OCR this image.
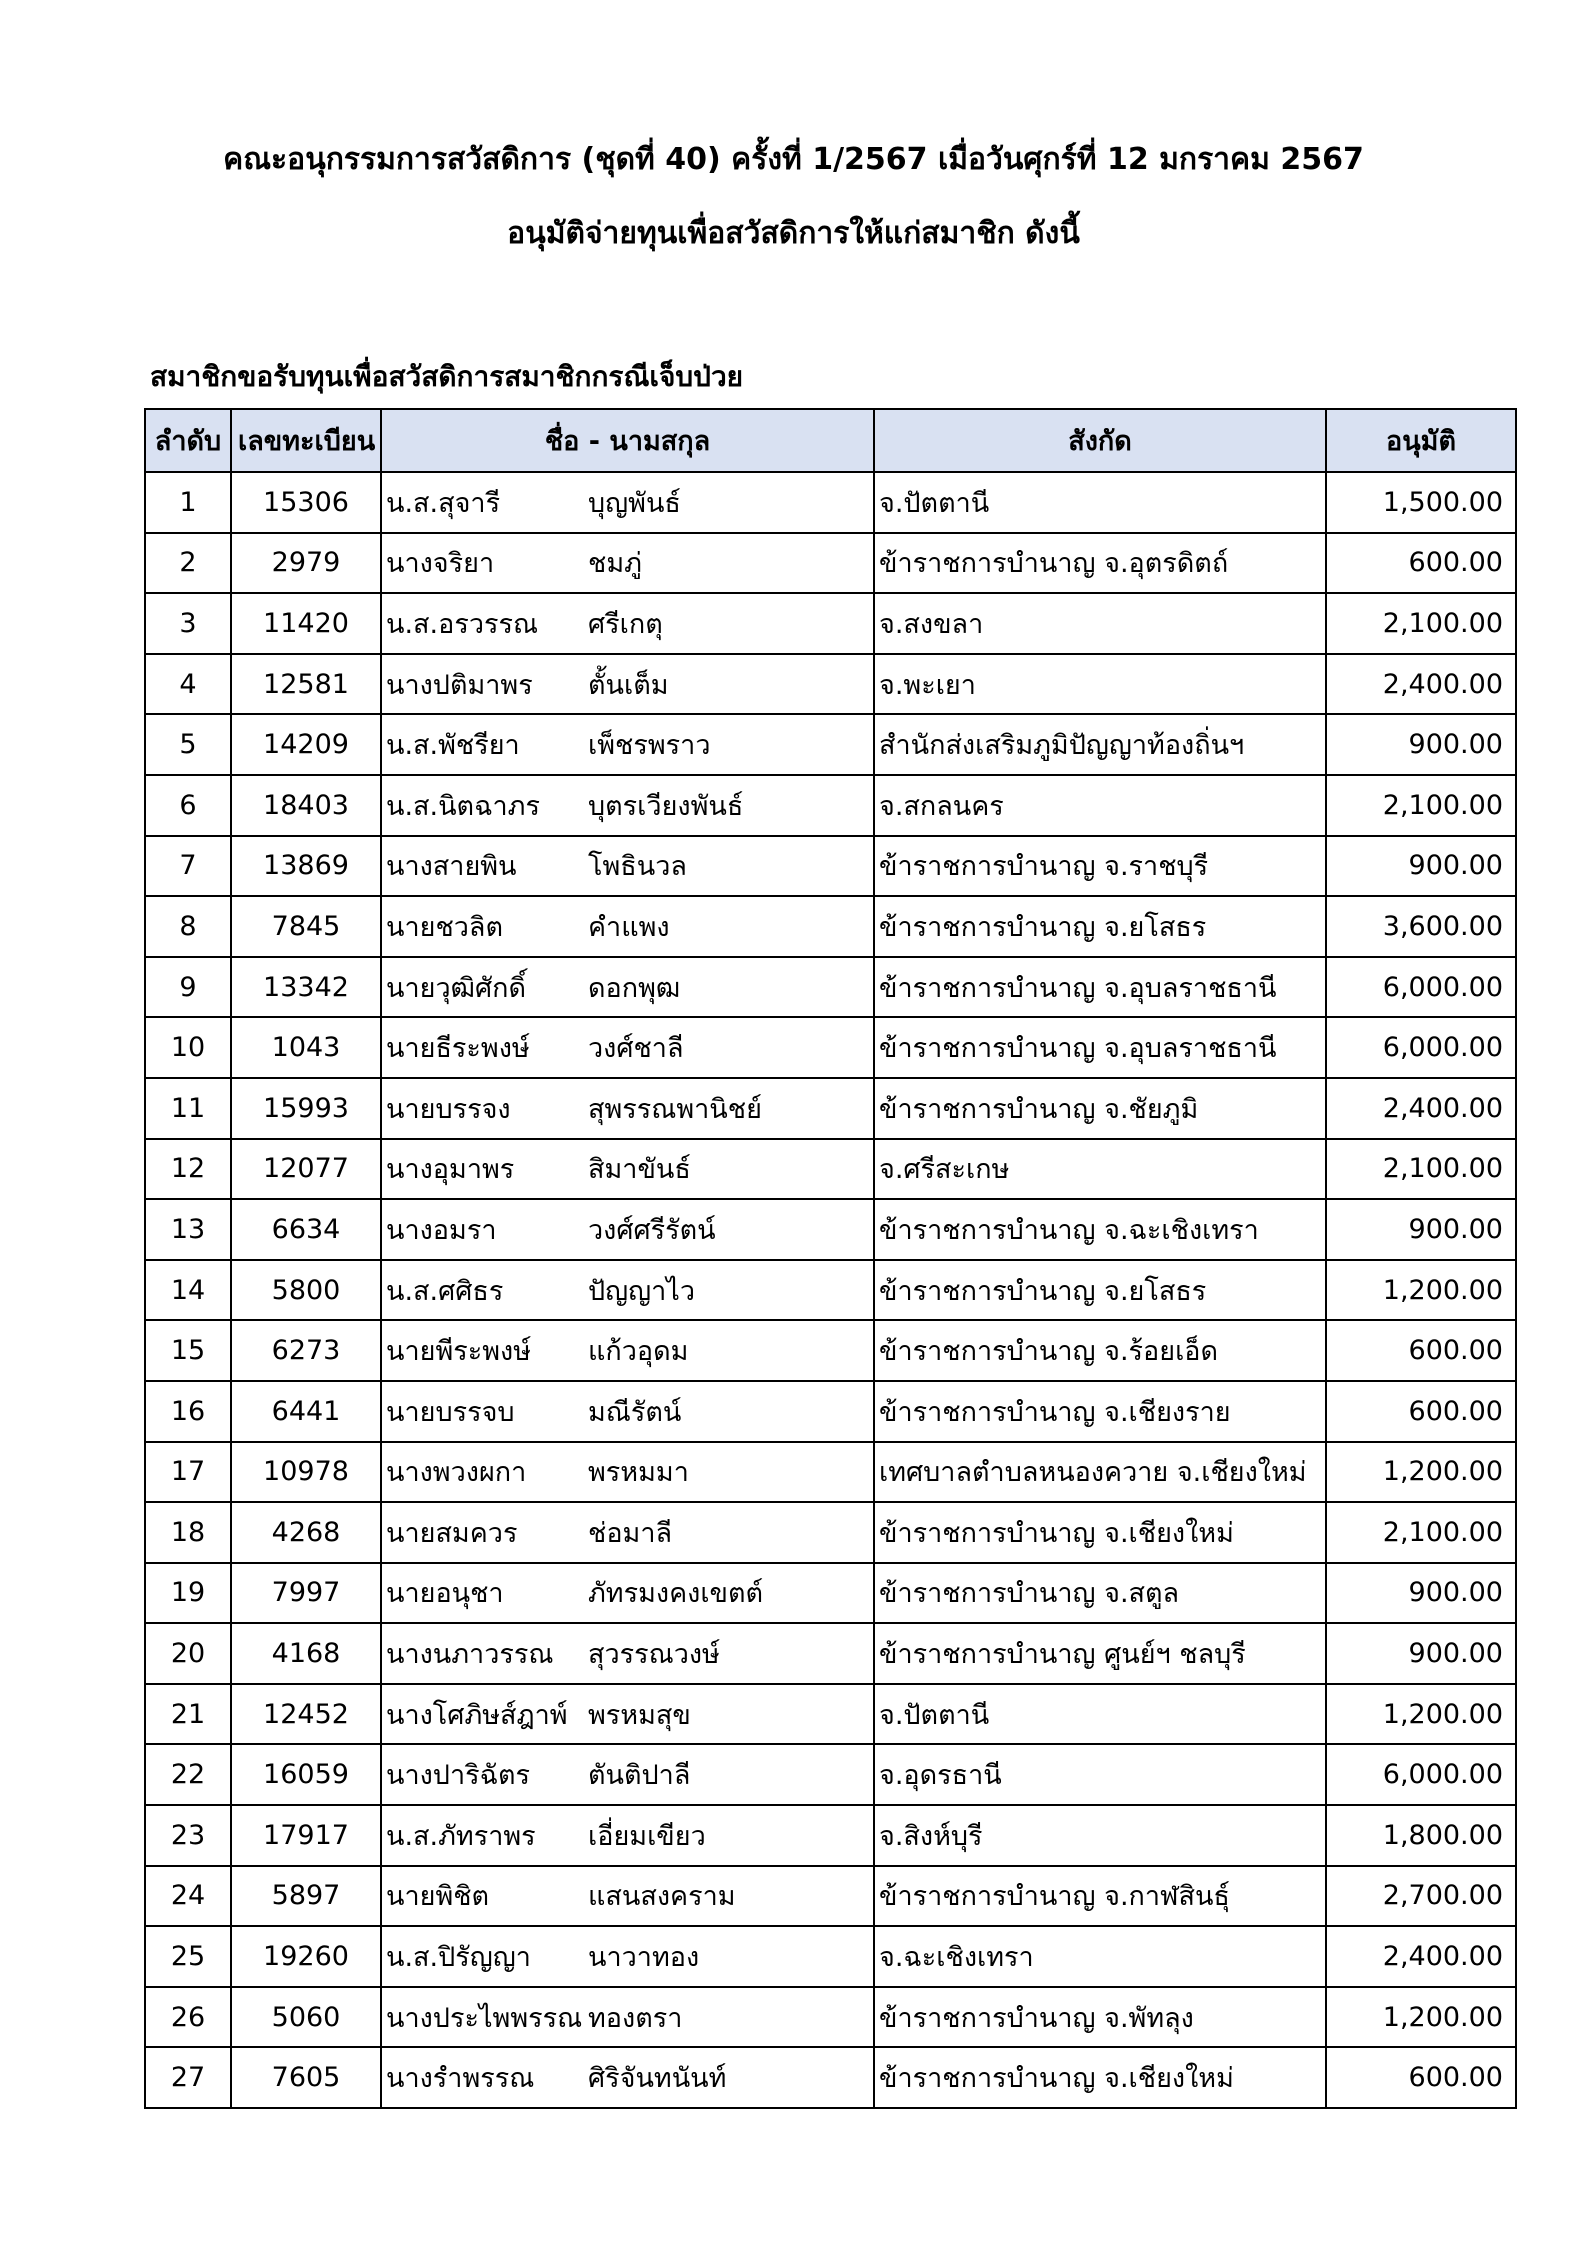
คณะอนุกรรมการสวัสดิการ (ชุดที่ 40) ครั้งที่ 1/2567 เมื่อวันศุกร์ที่ 12 มกราคม 2567
อนุมัติจ่ายทุนเพื่อสวัสดิการให้แก่สมาชิก ดังนี้
สมาชิกขอรับทุนเพื่อสวัสดิการสมาชิกกรณีเจ็บป่วย
ลำดับ	เลขทะเบียน	ชื่อ - นามสกุล	สังกัด	อนุมัติ
1	15306	น.ส.สุจารี บุญพันธ์	จ.ปัตตานี	1,500.00
2	2979	นางจริยา ชมภู่	ข้าราชการบำนาญ จ.อุตรดิตถ์	600.00
3	11420	น.ส.อรวรรณ ศรีเกตุ	จ.สงขลา	2,100.00
4	12581	นางปติมาพร ตั้นเต็ม	จ.พะเยา	2,400.00
5	14209	น.ส.พัชรียา เพ็ชรพราว	สำนักส่งเสริมภูมิปัญญาท้องถิ่นฯ	900.00
6	18403	น.ส.นิตฉาภร บุตรเวียงพันธ์	จ.สกลนคร	2,100.00
7	13869	นางสายพิน โพธินวล	ข้าราชการบำนาญ จ.ราชบุรี	900.00
8	7845	นายชวลิต คำแพง	ข้าราชการบำนาญ จ.ยโสธร	3,600.00
9	13342	นายวุฒิศักดิ์ ดอกพุฒ	ข้าราชการบำนาญ จ.อุบลราชธานี	6,000.00
10	1043	นายธีระพงษ์ วงศ์ชาลี	ข้าราชการบำนาญ จ.อุบลราชธานี	6,000.00
11	15993	นายบรรจง สุพรรณพานิชย์	ข้าราชการบำนาญ จ.ชัยภูมิ	2,400.00
12	12077	นางอุมาพร สิมาขันธ์	จ.ศรีสะเกษ	2,100.00
13	6634	นางอมรา วงศ์ศรีรัตน์	ข้าราชการบำนาญ จ.ฉะเชิงเทรา	900.00
14	5800	น.ส.ศศิธร ปัญญาไว	ข้าราชการบำนาญ จ.ยโสธร	1,200.00
15	6273	นายพีระพงษ์ แก้วอุดม	ข้าราชการบำนาญ จ.ร้อยเอ็ด	600.00
16	6441	นายบรรจบ มณีรัตน์	ข้าราชการบำนาญ จ.เชียงราย	600.00
17	10978	นางพวงผกา พรหมมา	เทศบาลตำบลหนองควาย จ.เชียงใหม่	1,200.00
18	4268	นายสมควร ช่อมาลี	ข้าราชการบำนาญ จ.เชียงใหม่	2,100.00
19	7997	นายอนุชา ภัทรมงคงเขตต์	ข้าราชการบำนาญ จ.สตูล	900.00
20	4168	นางนภาวรรณ สุวรรณวงษ์	ข้าราชการบำนาญ ศูนย์ฯ ชลบุรี	900.00
21	12452	นางโศภิษส์ฎาพ์ พรหมสุข	จ.ปัตตานี	1,200.00
22	16059	นางปาริฉัตร ตันติปาลี	จ.อุดรธานี	6,000.00
23	17917	น.ส.ภัทราพร เอี่ยมเขียว	จ.สิงห์บุรี	1,800.00
24	5897	นายพิชิต แสนสงคราม	ข้าราชการบำนาญ จ.กาฬสินธุ์	2,700.00
25	19260	น.ส.ปิรัญญา นาวาทอง	จ.ฉะเชิงเทรา	2,400.00
26	5060	นางประไพพรรณ ทองตรา	ข้าราชการบำนาญ จ.พัทลุง	1,200.00
27	7605	นางรำพรรณ ศิริจันทนันท์	ข้าราชการบำนาญ จ.เชียงใหม่	600.00
